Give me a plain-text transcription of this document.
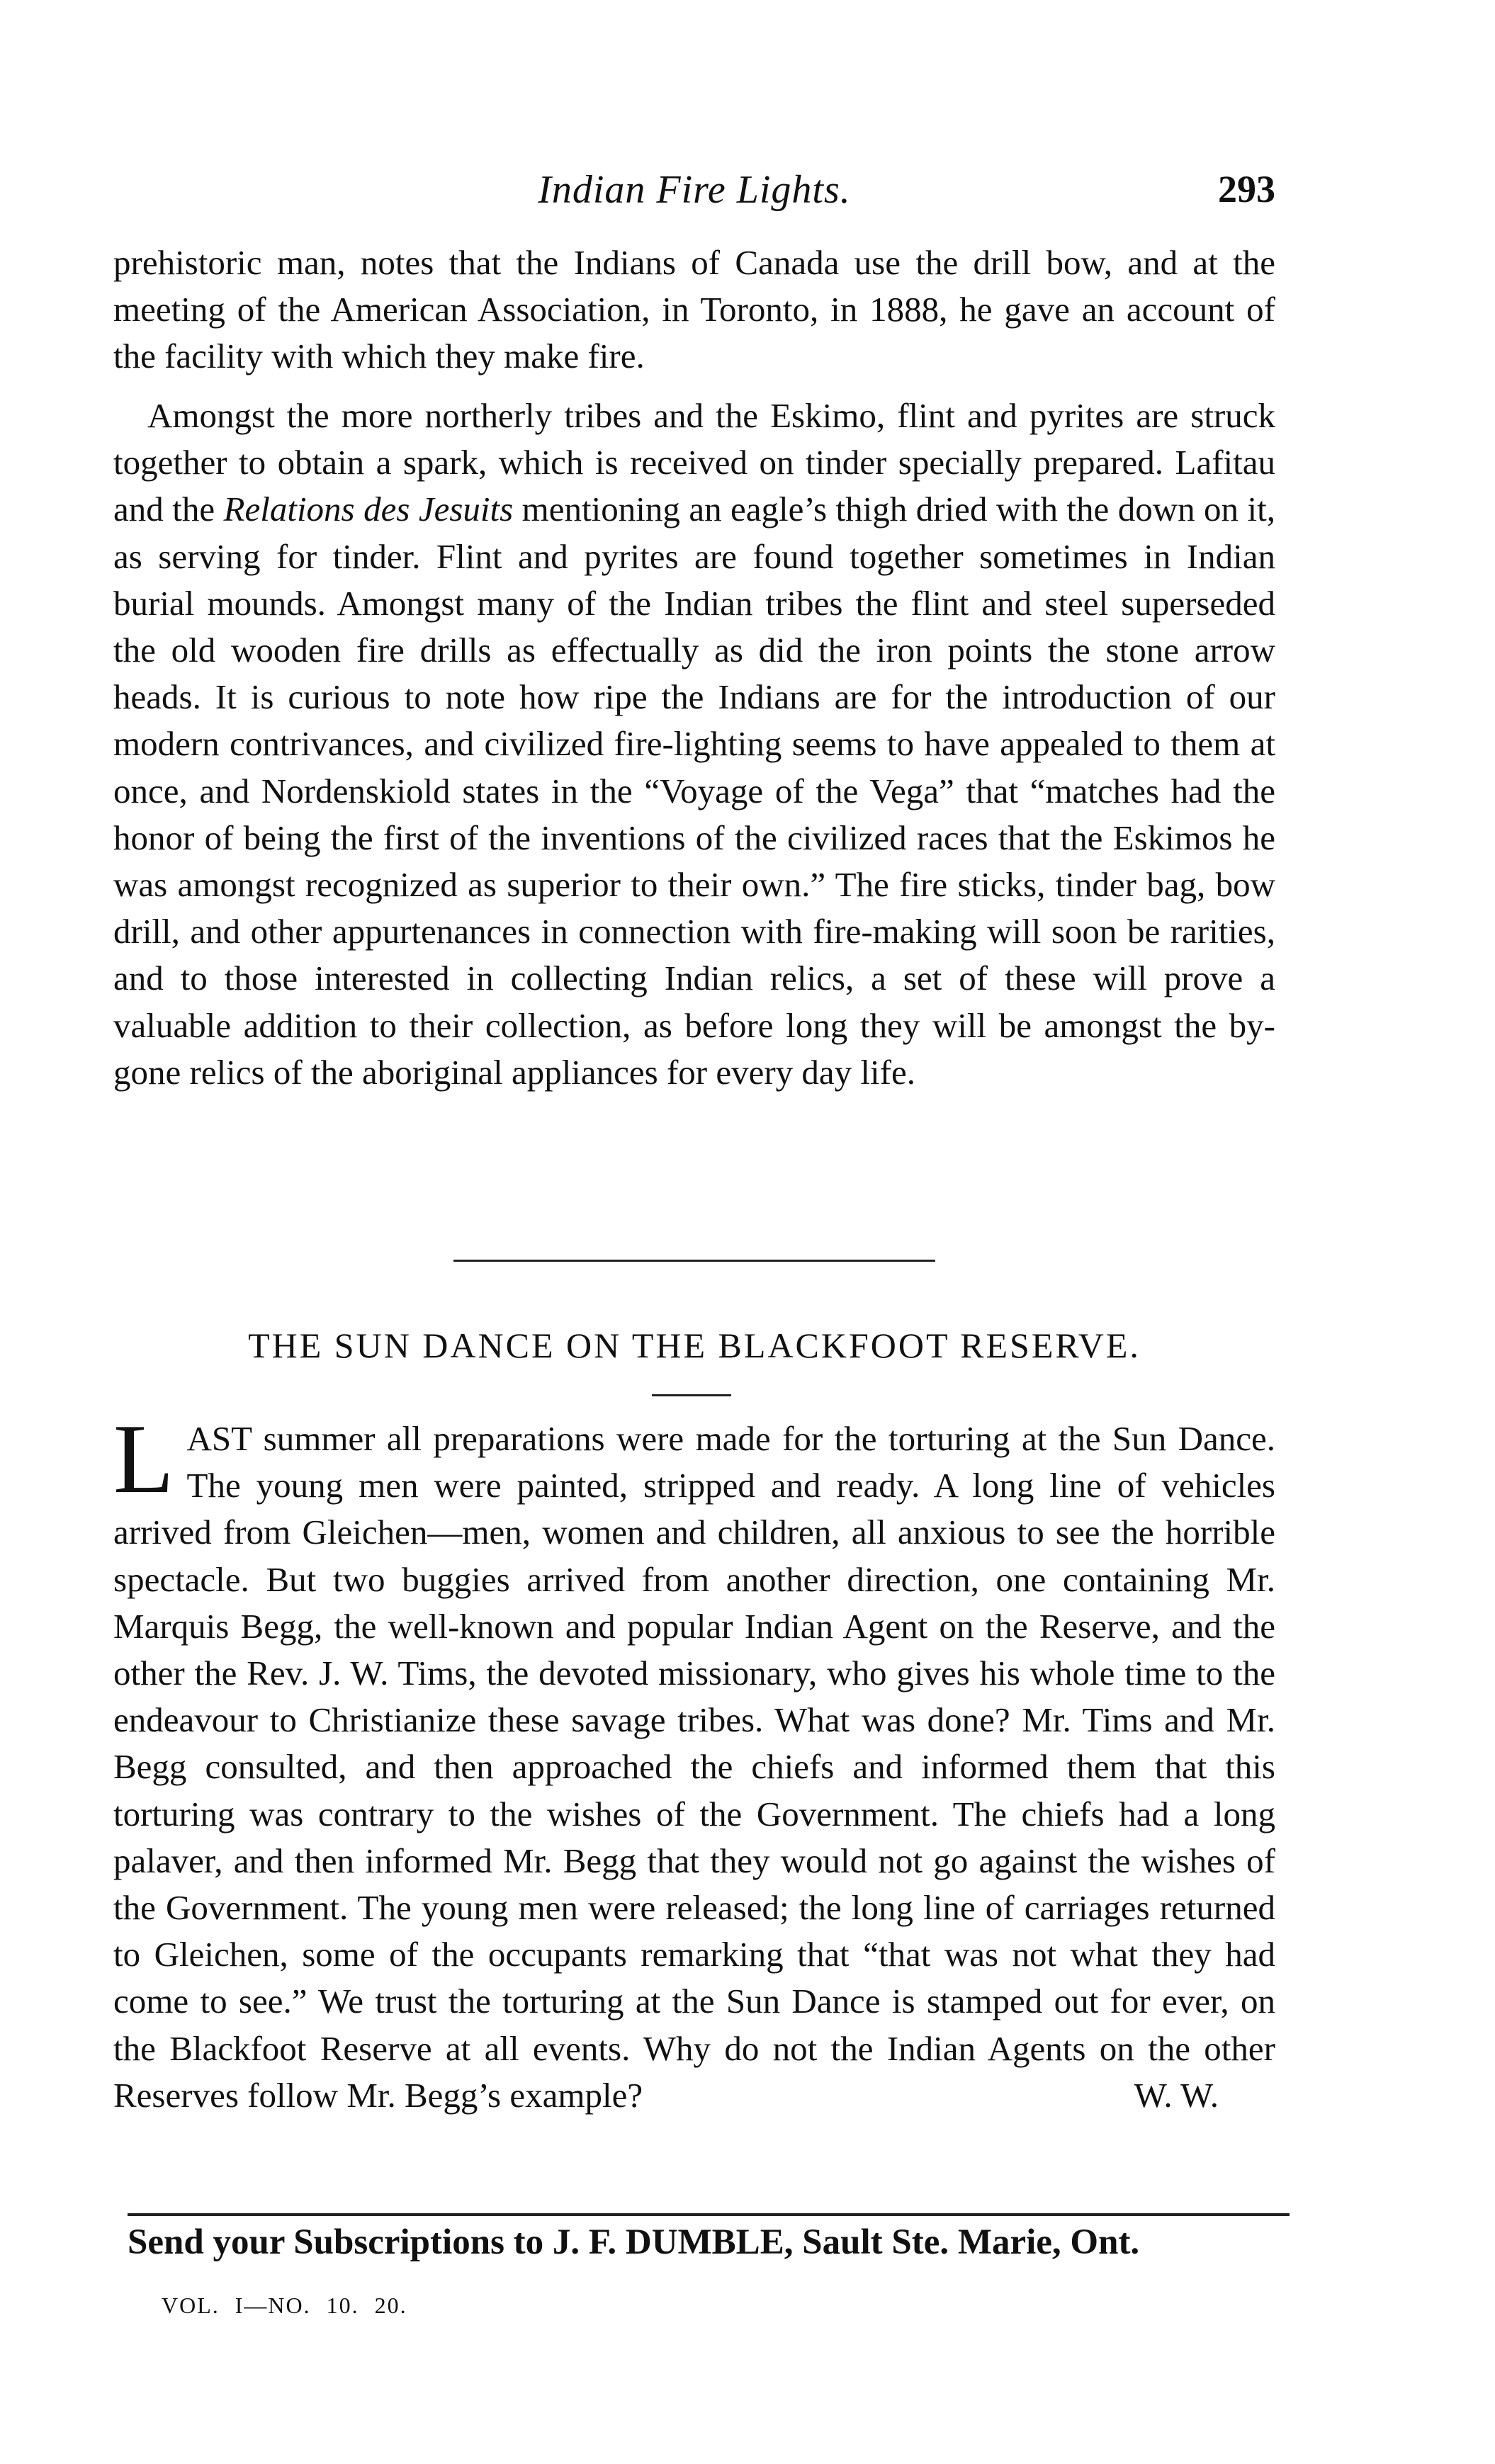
Indian Fire Lights.	293

prehistoric man, notes that the Indians of Canada use the drill bow, and at the meeting of the American Association, in Toronto, in 1888, he gave an account of the facility with which they make fire.

Amongst the more northerly tribes and the Eskimo, flint and pyrites are struck together to obtain a spark, which is received on tinder specially prepared. Lafitau and the Relations des Jesuits mentioning an eagle’s thigh dried with the down on it, as serving for tinder. Flint and pyrites are found together sometimes in Indian burial mounds. Amongst many of the Indian tribes the flint and steel superseded the old wooden fire drills as effectually as did the iron points the stone arrow heads. It is curious to note how ripe the Indians are for the introduction of our modern contrivances, and civilized fire-lighting seems to have appealed to them at once, and Nordenskiold states in the “Voyage of the Vega” that “matches had the honor of being the first of the inventions of the civilized races that the Eskimos he was amongst recognized as superior to their own.” The fire sticks, tinder bag, bow drill, and other appurtenances in connection with fire-making will soon be rarities, and to those interested in collecting Indian relics, a set of these will prove a valuable addition to their collection, as before long they will be amongst the by-gone relics of the aboriginal appliances for every day life.

THE SUN DANCE ON THE BLACKFOOT RESERVE.

LAST summer all preparations were made for the torturing at the Sun Dance. The young men were painted, stripped and ready. A long line of vehicles arrived from Gleichen—men, women and children, all anxious to see the horrible spectacle. But two buggies arrived from another direction, one containing Mr. Marquis Begg, the well-known and popular Indian Agent on the Reserve, and the other the Rev. J. W. Tims, the devoted missionary, who gives his whole time to the endeavour to Christianize these savage tribes. What was done? Mr. Tims and Mr. Begg consulted, and then approached the chiefs and informed them that this torturing was contrary to the wishes of the Government. The chiefs had a long palaver, and then informed Mr. Begg that they would not go against the wishes of the Government. The young men were released; the long line of carriages returned to Gleichen, some of the occupants remarking that “that was not what they had come to see.” We trust the torturing at the Sun Dance is stamped out for ever, on the Blackfoot Reserve at all events. Why do not the Indian Agents on the other Reserves follow Mr. Begg’s example?	W. W.

Send your Subscriptions to J. F. DUMBLE, Sault Ste. Marie, Ont.

VOL. I—NO. 10. 20.
